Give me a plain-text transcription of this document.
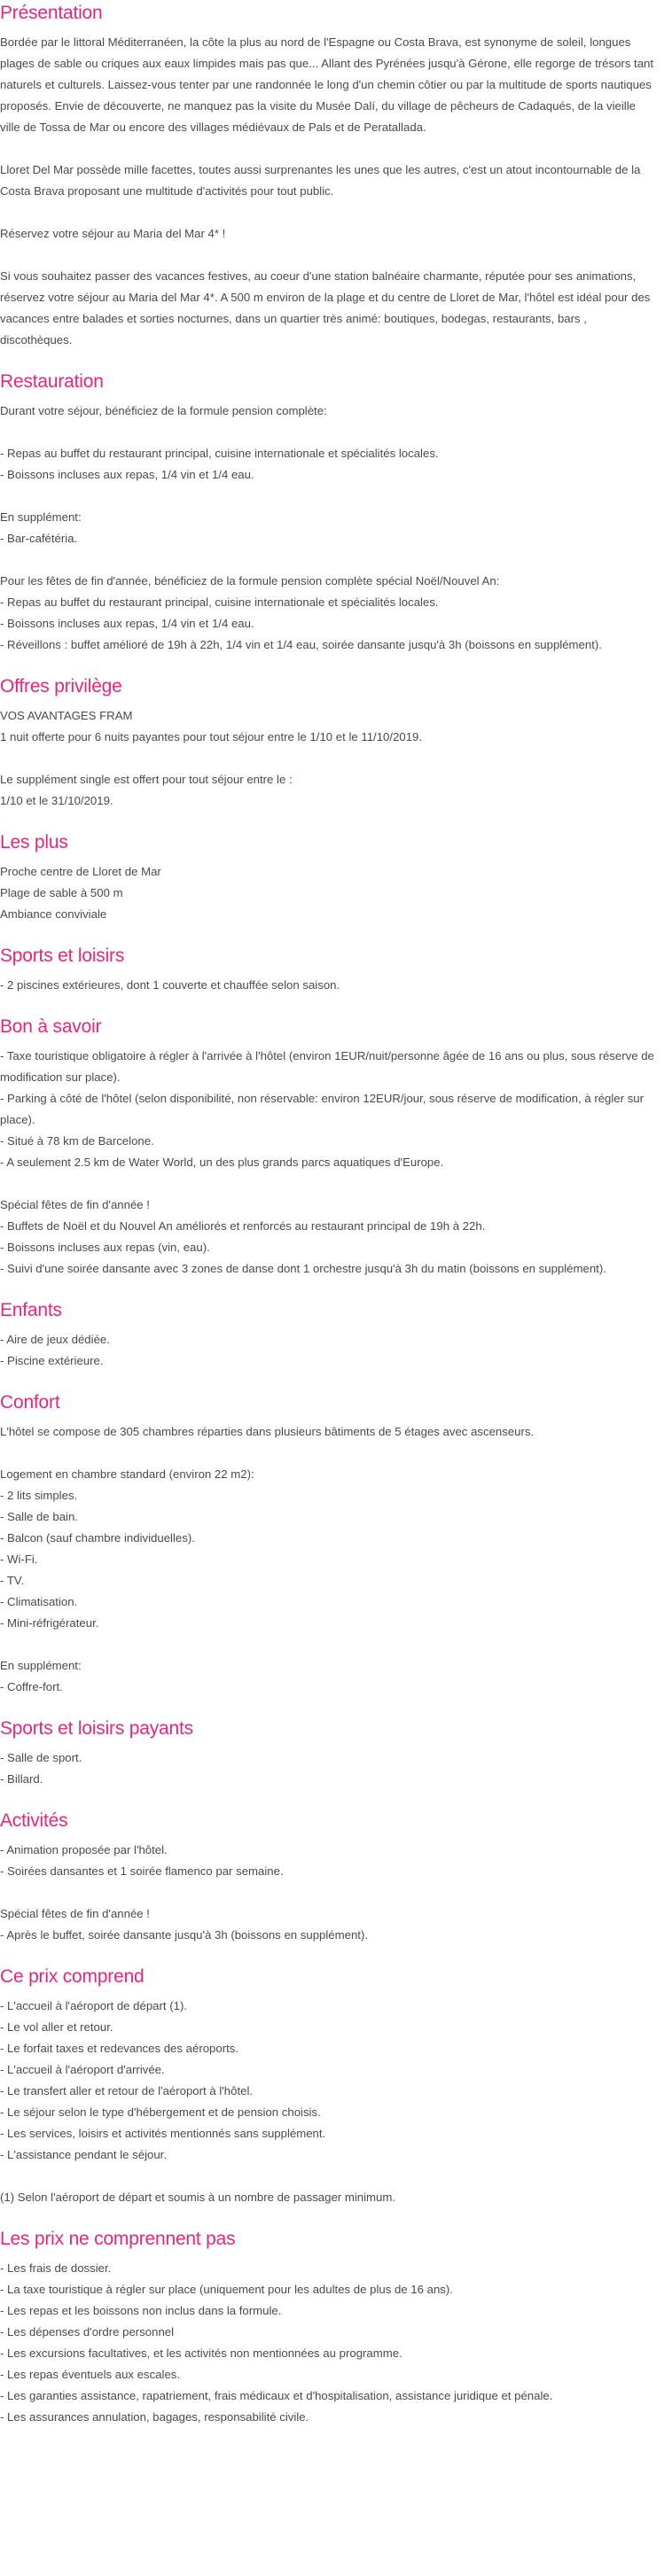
Présentation
Bordée par le littoral Méditerranéen, la côte la plus au nord de l'Espagne ou Costa Brava, est synonyme de soleil, longues plages de sable ou criques aux eaux limpides mais pas que... Allant des Pyrénées jusqu'à Gérone, elle regorge de trésors tant naturels et culturels. Laissez-vous tenter par une randonnée le long d'un chemin côtier ou par la multitude de sports nautiques proposés. Envie de découverte, ne manquez pas la visite du Musée Dalí, du village de pêcheurs de Cadaqués, de la vieille ville de Tossa de Mar ou encore des villages médiévaux de Pals et de Peratallada.
Lloret Del Mar possède mille facettes, toutes aussi surprenantes les unes que les autres, c'est un atout incontournable de la Costa Brava proposant une multitude d'activités pour tout public.
Réservez votre séjour au Maria del Mar 4* !
Si vous souhaitez passer des vacances festives, au coeur d'une station balnéaire charmante, réputée pour ses animations, réservez votre séjour au Maria del Mar 4*. A 500 m environ de la plage et du centre de Lloret de Mar, l'hôtel est idéal pour des vacances entre balades et sorties nocturnes, dans un quartier très animé: boutiques, bodegas, restaurants, bars , discothèques.
Restauration
Durant votre séjour, bénéficiez de la formule pension complète:
- Repas au buffet du restaurant principal, cuisine internationale et spécialités locales.
- Boissons incluses aux repas, 1/4 vin et 1/4 eau.
En supplément:
- Bar-cafétéria.
Pour les fêtes de fin d'année, bénéficiez de la formule pension complète spécial Noël/Nouvel An:
- Repas au buffet du restaurant principal, cuisine internationale et spécialités locales.
- Boissons incluses aux repas, 1/4 vin et 1/4 eau.
- Réveillons : buffet amélioré de 19h à 22h, 1/4 vin et 1/4 eau, soirée dansante jusqu'à 3h (boissons en supplément).
Offres privilège
VOS AVANTAGES FRAM
1 nuit offerte pour 6 nuits payantes pour tout séjour entre le 1/10 et le 11/10/2019.
Le supplément single est offert pour tout séjour entre le :
1/10 et le 31/10/2019.
Les plus
Proche centre de Lloret de Mar
Plage de sable à 500 m
Ambiance conviviale
Sports et loisirs
- 2 piscines extérieures, dont 1 couverte et chauffée selon saison.
Bon à savoir
- Taxe touristique obligatoire à régler à l'arrivée à l'hôtel (environ 1EUR/nuit/personne âgée de 16 ans ou plus, sous réserve de modification sur place).
- Parking à côté de l'hôtel (selon disponibilité, non réservable: environ 12EUR/jour, sous réserve de modification, à régler sur place).
- Situé à 78 km de Barcelone.
- A seulement 2.5 km de Water World, un des plus grands parcs aquatiques d'Europe.
Spécial fêtes de fin d'année !
- Buffets de Noël et du Nouvel An améliorés et renforcés au restaurant principal de 19h à 22h.
- Boissons incluses aux repas (vin, eau).
- Suivi d'une soirée dansante avec 3 zones de danse dont 1 orchestre jusqu'à 3h du matin (boissons en supplément).
Enfants
- Aire de jeux dédiée.
- Piscine extérieure.
Confort
L'hôtel se compose de 305 chambres réparties dans plusieurs bâtiments de 5 étages avec ascenseurs.
Logement en chambre standard (environ 22 m2):
- 2 lits simples.
- Salle de bain.
- Balcon (sauf chambre individuelles).
- Wi-Fi.
- TV.
- Climatisation.
- Mini-réfrigérateur.
En supplément:
- Coffre-fort.
Sports et loisirs payants
- Salle de sport.
- Billard.
Activités
- Animation proposée par l'hôtel.
- Soirées dansantes et 1 soirée flamenco par semaine.
Spécial fêtes de fin d'année !
- Après le buffet, soirée dansante jusqu'à 3h (boissons en supplément).
Ce prix comprend
- L'accueil à l'aéroport de départ (1).
- Le vol aller et retour.
- Le forfait taxes et redevances des aéroports.
- L'accueil à l'aéroport d'arrivée.
- Le transfert aller et retour de l'aéroport à l'hôtel.
- Le séjour selon le type d'hébergement et de pension choisis.
- Les services, loisirs et activités mentionnés sans supplément.
- L'assistance pendant le séjour.
(1) Selon l'aéroport de départ et soumis à un nombre de passager minimum.
Les prix ne comprennent pas
- Les frais de dossier.
- La taxe touristique à régler sur place (uniquement pour les adultes de plus de 16 ans).
- Les repas et les boissons non inclus dans la formule.
- Les dépenses d'ordre personnel
- Les excursions facultatives, et les activités non mentionnées au programme.
- Les repas éventuels aux escales.
- Les garanties assistance, rapatriement, frais médicaux et d'hospitalisation, assistance juridique et pénale.
- Les assurances annulation, bagages, responsabilité civile.
